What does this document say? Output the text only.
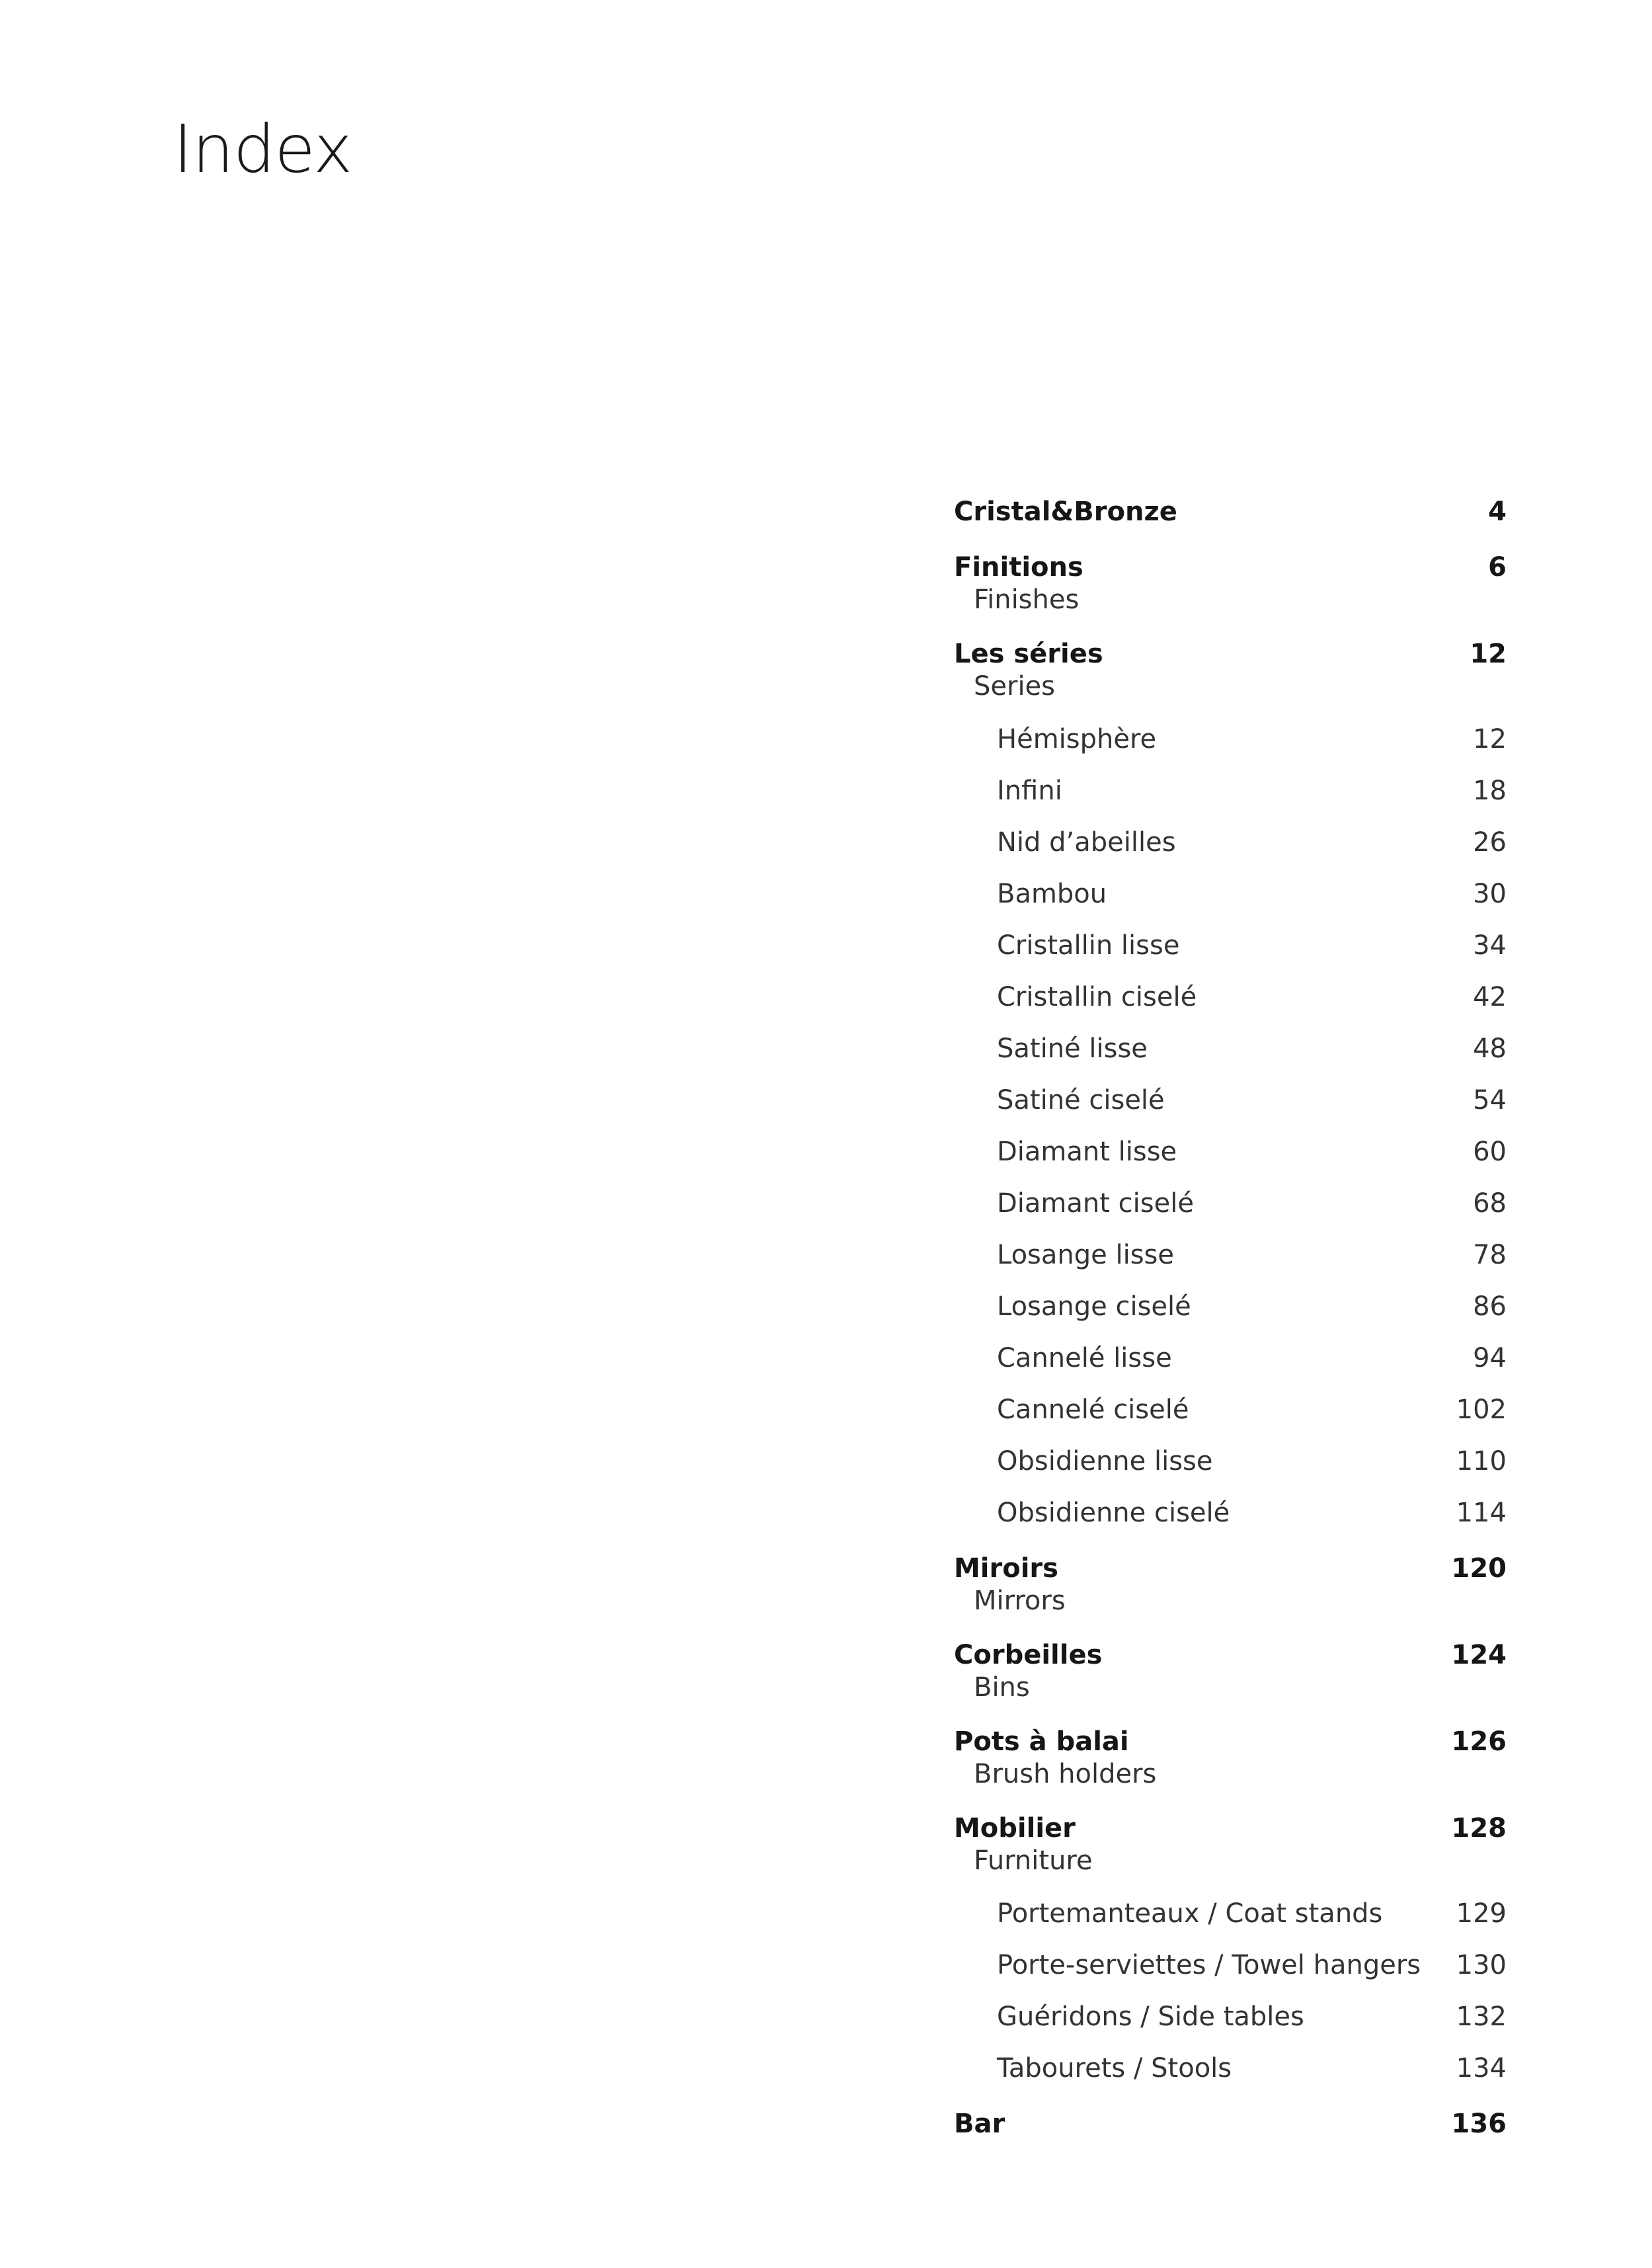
Index
Cristal&Bronze	4
Finitions	6
Finishes
Les séries	12
Series
Hémisphère	12
Infini	18
Nid d’abeilles	26
Bambou	30
Cristallin lisse	34
Cristallin ciselé	42
Satiné lisse	48
Satiné ciselé	54
Diamant lisse	60
Diamant ciselé	68
Losange lisse	78
Losange ciselé	86
Cannelé lisse	94
Cannelé ciselé	102
Obsidienne lisse	110
Obsidienne ciselé	114
Miroirs	120
Mirrors
Corbeilles	124
Bins
Pots à balai	126
Brush holders
Mobilier	128
Furniture
Portemanteaux / Coat stands	129
Porte-serviettes / Towel hangers 130
Guéridons / Side tables	132
Tabourets / Stools	134
Bar	136
